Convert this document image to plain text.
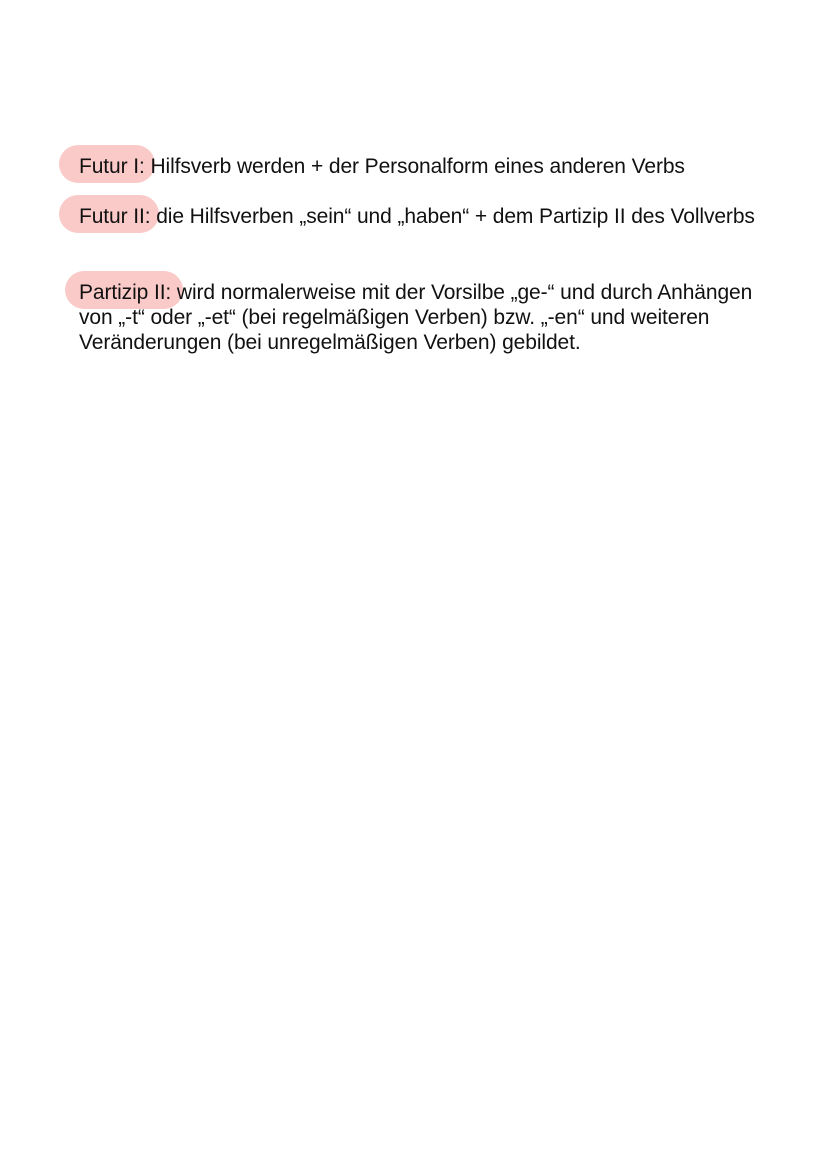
Futur I: Hilfsverb werden + der Personalform eines anderen Verbs

Futur II: die Hilfsverben „sein“ und „haben“ + dem Partizip II des Vollverbs

Partizip II: wird normalerweise mit der Vorsilbe „ge-“ und durch Anhängen von „-t“ oder „-et“ (bei regelmäßigen Verben) bzw. „-en“ und weiteren Veränderungen (bei unregelmäßigen Verben) gebildet.
